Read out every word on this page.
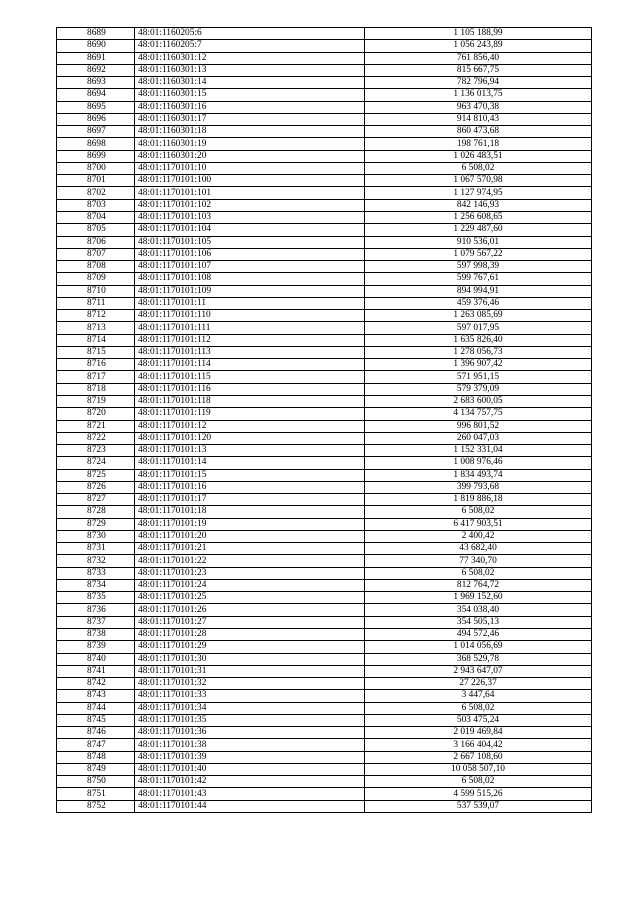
8689	48:01:1160205:6	1 105 188,99
8690	48:01:1160205:7	1 056 243,89
8691	48:01:1160301:12	761 856,40
8692	48:01:1160301:13	815 667,75
8693	48:01:1160301:14	782 796,94
8694	48:01:1160301:15	1 136 013,75
8695	48:01:1160301:16	963 470,38
8696	48:01:1160301:17	914 810,43
8697	48:01:1160301:18	860 473,68
8698	48:01:1160301:19	198 761,18
8699	48:01:1160301:20	1 026 483,51
8700	48:01:1170101:10	6 508,02
8701	48:01:1170101:100	1 067 570,98
8702	48:01:1170101:101	1 127 974,95
8703	48:01:1170101:102	842 146,93
8704	48:01:1170101:103	1 256 608,65
8705	48:01:1170101:104	1 229 487,60
8706	48:01:1170101:105	910 536,01
8707	48:01:1170101:106	1 079 567,22
8708	48:01:1170101:107	597 998,39
8709	48:01:1170101:108	599 767,61
8710	48:01:1170101:109	894 994,91
8711	48:01:1170101:11	459 376,46
8712	48:01:1170101:110	1 263 085,69
8713	48:01:1170101:111	597 017,95
8714	48:01:1170101:112	1 635 826,40
8715	48:01:1170101:113	1 278 056,73
8716	48:01:1170101:114	1 396 907,42
8717	48:01:1170101:115	571 951,15
8718	48:01:1170101:116	579 379,09
8719	48:01:1170101:118	2 683 600,05
8720	48:01:1170101:119	4 134 757,75
8721	48:01:1170101:12	996 801,52
8722	48:01:1170101:120	260 047,03
8723	48:01:1170101:13	1 152 331,04
8724	48:01:1170101:14	1 008 976,46
8725	48:01:1170101:15	1 834 493,74
8726	48:01:1170101:16	399 793,68
8727	48:01:1170101:17	1 819 886,18
8728	48:01:1170101:18	6 508,02
8729	48:01:1170101:19	6 417 903,51
8730	48:01:1170101:20	2 400,42
8731	48:01:1170101:21	43 682,40
8732	48:01:1170101:22	77 340,70
8733	48:01:1170101:23	6 508,02
8734	48:01:1170101:24	812 764,72
8735	48:01:1170101:25	1 969 152,60
8736	48:01:1170101:26	354 038,40
8737	48:01:1170101:27	354 505,13
8738	48:01:1170101:28	494 572,46
8739	48:01:1170101:29	1 014 056,69
8740	48:01:1170101:30	368 529,78
8741	48:01:1170101:31	2 943 647,07
8742	48:01:1170101:32	27 226,37
8743	48:01:1170101:33	3 447,64
8744	48:01:1170101:34	6 508,02
8745	48:01:1170101:35	503 475,24
8746	48:01:1170101:36	2 019 469,84
8747	48:01:1170101:38	3 166 404,42
8748	48:01:1170101:39	2 667 108,60
8749	48:01:1170101:40	10 058 507,10
8750	48:01:1170101:42	6 508,02
8751	48:01:1170101:43	4 599 515,26
8752	48:01:1170101:44	537 539,07
